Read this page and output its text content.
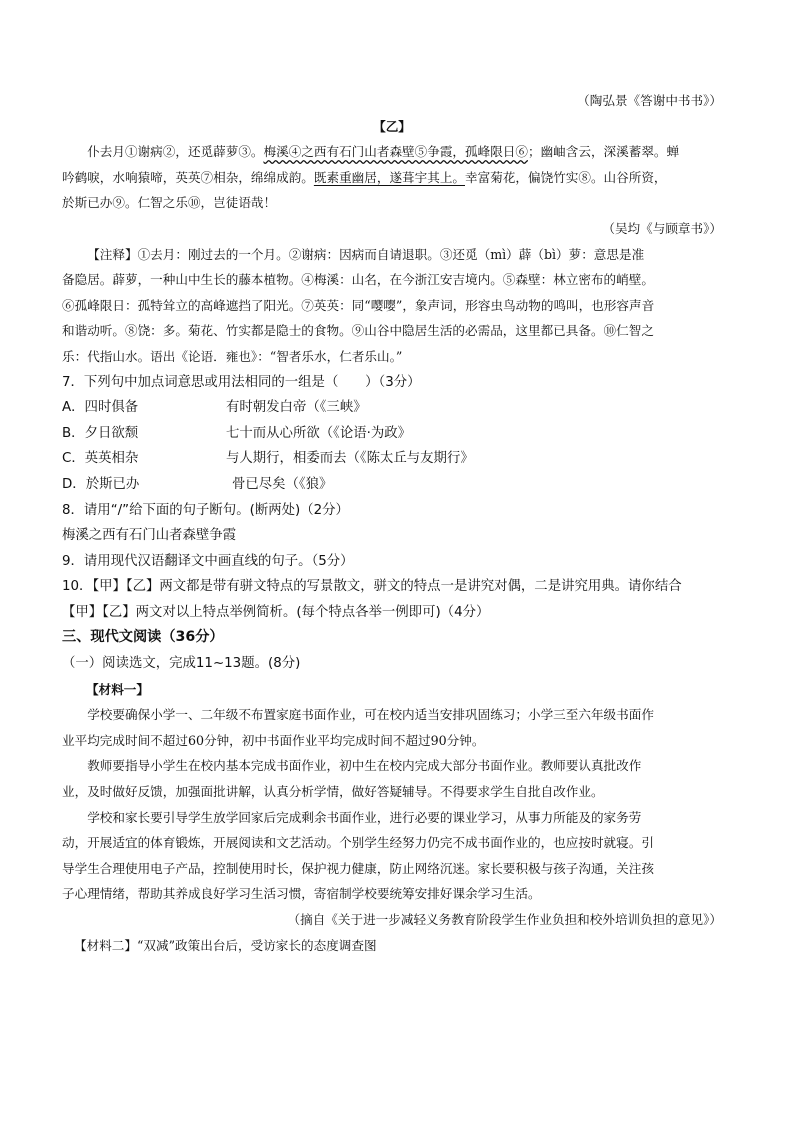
（陶弘景《答谢中书书》）
【乙】
仆去月①谢病②，还觅薜萝③。梅溪④之西有石门山者森壁⑤争霞，孤峰限日⑥；幽岫含云，深溪蓄翠。蝉
吟鹤唳，水响猿啼，英英⑦相杂，绵绵成韵。既素重幽居，遂葺宇其上。幸富菊花，偏饶竹实⑧。山谷所资，
於斯已办⑨。仁智之乐⑩，岂徒语哉！
（吴均《与顾章书》）
【注释】①去月：刚过去的一个月。②谢病：因病而自请退职。③还觅（mì）薜（bì）萝：意思是准
备隐居。薜萝，一种山中生长的藤本植物。④梅溪：山名，在今浙江安吉境内。⑤森壁：林立密布的峭壁。
⑥孤峰限日：孤特耸立的高峰遮挡了阳光。⑦英英：同“嘤嘤”，象声词，形容虫鸟动物的鸣叫，也形容声音
和谐动听。⑧饶：多。菊花、竹实都是隐士的食物。⑨山谷中隐居生活的必需品，这里都已具备。⑩仁智之
乐：代指山水。语出《论语．雍也》：“智者乐水，仁者乐山。”
7．下列句中加点词意思或用法相同的一组是（　　）（3分）
A．四时俱备	有时朝发白帝（《三峡》
B．夕日欲颓	七十而从心所欲（《论语·为政》
C．英英相杂	与人期行，相委而去（《陈太丘与友期行》
D．於斯已办	骨已尽矣（《狼》
8．请用“/”给下面的句子断句。(断两处)（2分）
梅溪之西有石门山者森壁争霞
9．请用现代汉语翻译文中画直线的句子。（5分）
10．【甲】【乙】两文都是带有骈文特点的写景散文，骈文的特点一是讲究对偶，二是讲究用典。请你结合
【甲】【乙】两文对以上特点举例简析。(每个特点各举一例即可)（4分）
三、现代文阅读（36分）
（一）阅读选文，完成11~13题。(8分)
【材料一】
学校要确保小学一、二年级不布置家庭书面作业，可在校内适当安排巩固练习；小学三至六年级书面作
业平均完成时间不超过60分钟，初中书面作业平均完成时间不超过90分钟。
教师要指导小学生在校内基本完成书面作业，初中生在校内完成大部分书面作业。教师要认真批改作
业，及时做好反馈，加强面批讲解，认真分析学情，做好答疑辅导。不得要求学生自批自改作业。
学校和家长要引导学生放学回家后完成剩余书面作业，进行必要的课业学习，从事力所能及的家务劳
动，开展适宜的体育锻炼，开展阅读和文艺活动。个别学生经努力仍完不成书面作业的，也应按时就寝。引
导学生合理使用电子产品，控制使用时长，保护视力健康，防止网络沉迷。家长要积极与孩子沟通，关注孩
子心理情绪，帮助其养成良好学习生活习惯，寄宿制学校要统筹安排好课余学习生活。
（摘自《关于进一步减轻义务教育阶段学生作业负担和校外培训负担的意见》）
【材料二】“双减”政策出台后，受访家长的态度调查图
